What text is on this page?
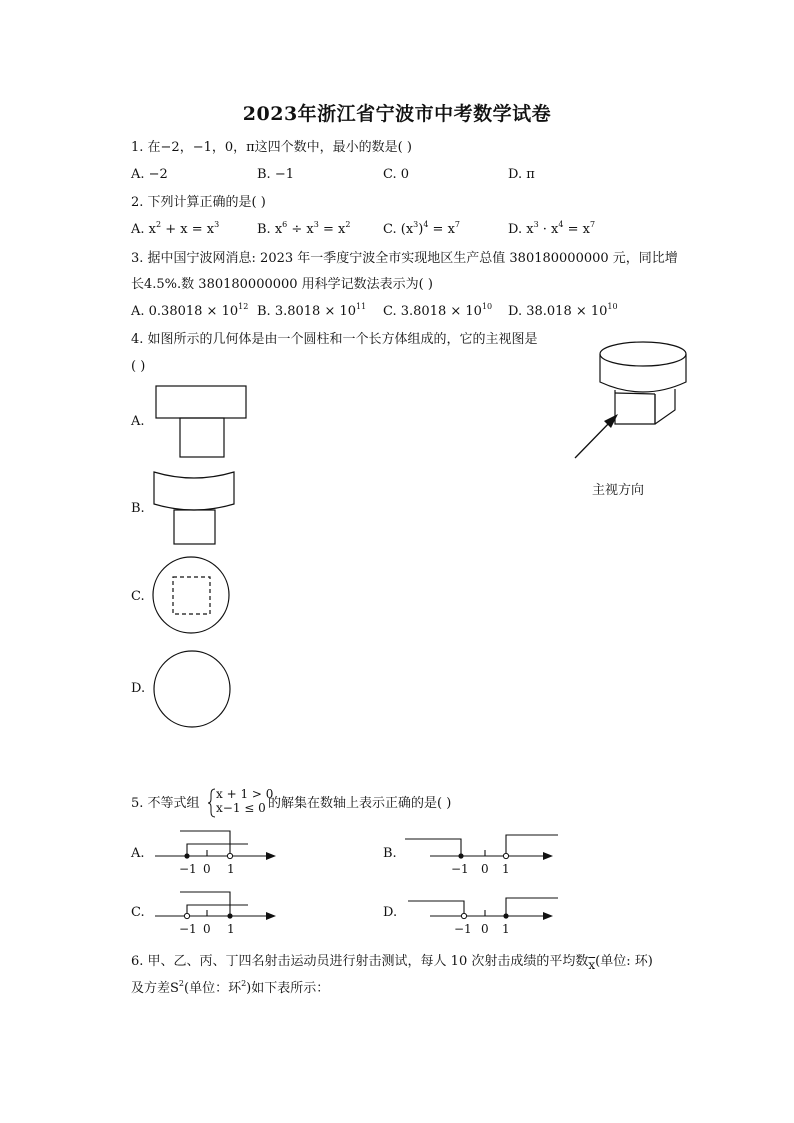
2023年浙江省宁波市中考数学试卷
1. 在−2，−1，0，π这四个数中，最小的数是( )
A. −2	B. −1	C. 0	D. π
2. 下列计算正确的是( )
A. $x^2 + x = x^3$	B. $x^6 \div x^3 = x^2$	C. $(x^3)^4 = x^7$	D. $x^3 \cdot x^4 = x^7$
3. 据中国宁波网消息: 2023 年一季度宁波全市实现地区生产总值 380180000000 元，同比增
长4.5%.数 380180000000 用科学记数法表示为( )
A. $0.38018 \times 10^{12}$ B. $3.8018 \times 10^{11}$ C. $3.8018 \times 10^{10}$ D. $38.018 \times 10^{10}$
4. 如图所示的几何体是由一个圆柱和一个长方体组成的，它的主视图是
( )
A.
B.
C.
D.
主视方向
5. 不等式组
x + 1 > 0
x−1 ≤ 0 的解集在数轴上表示正确的是( )
A.	B.
C.	D.
−1 0 1	−1 0 1
−1 0 1	−1 0 1
6. 甲、乙、丙、丁四名射击运动员进行射击测试，每人 10 次射击成绩的平均数$\overline{x}$(单位: 环)
及方差$S^2$(单位：环$^2$)如下表所示：
